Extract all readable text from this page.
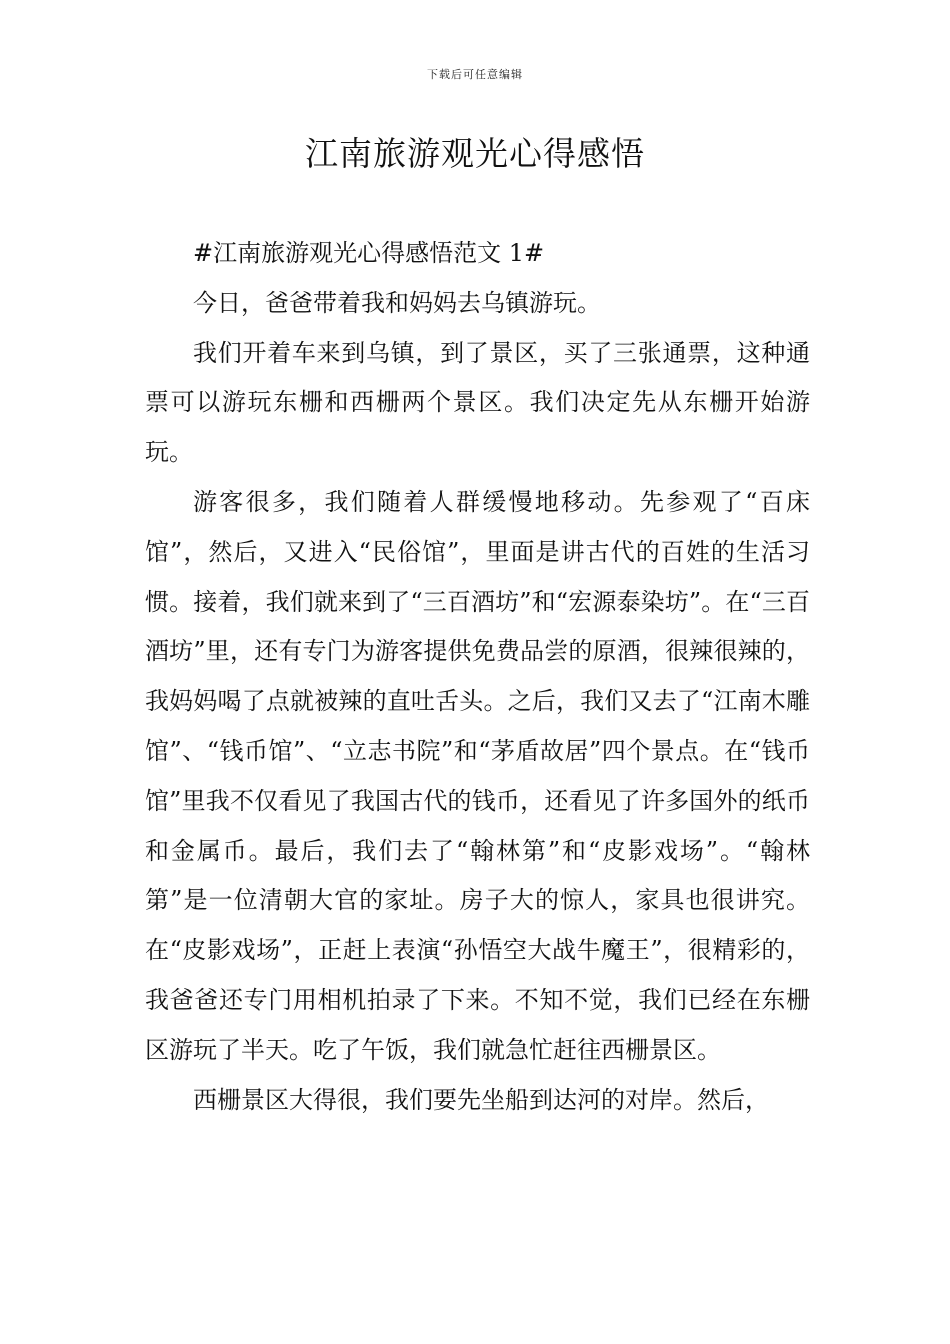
下载后可任意编辑
江南旅游观光心得感悟

#江南旅游观光心得感悟范文 1#

今日，爸爸带着我和妈妈去乌镇游玩。

我们开着车来到乌镇，到了景区，买了三张通票，这种通票可以游玩东栅和西栅两个景区。我们决定先从东栅开始游玩。

游客很多，我们随着人群缓慢地移动。先参观了“百床馆”，然后，又进入“民俗馆”，里面是讲古代的百姓的生活习惯。接着，我们就来到了“三百酒坊”和“宏源泰染坊”。在“三百酒坊”里，还有专门为游客提供免费品尝的原酒，很辣很辣的，我妈妈喝了点就被辣的直吐舌头。之后，我们又去了“江南木雕馆”、“钱币馆”、“立志书院”和“茅盾故居”四个景点。在“钱币馆”里我不仅看见了我国古代的钱币，还看见了许多国外的纸币和金属币。最后，我们去了“翰林第”和“皮影戏场”。“翰林第”是一位清朝大官的家址。房子大的惊人，家具也很讲究。在“皮影戏场”，正赶上表演“孙悟空大战牛魔王”，很精彩的，我爸爸还专门用相机拍录了下来。不知不觉，我们已经在东栅区游玩了半天。吃了午饭，我们就急忙赶往西栅景区。

西栅景区大得很，我们要先坐船到达河的对岸。然后，
